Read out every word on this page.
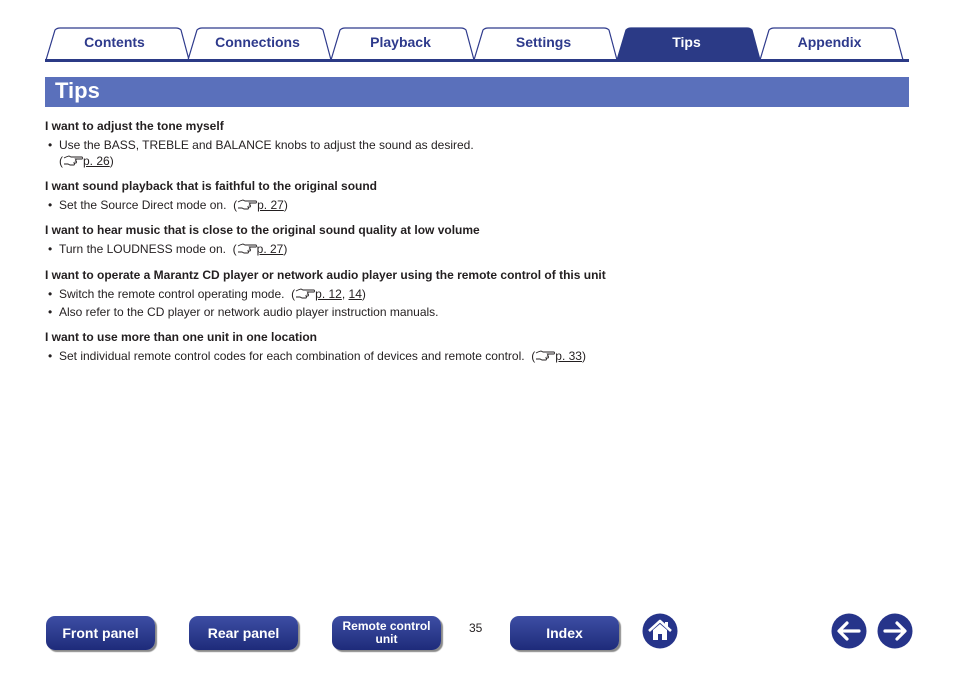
Contents	Connections	Playback	Settings	Tips	Appendix
Tips
I want to adjust the tone myself
• Use the BASS, TREBLE and BALANCE knobs to adjust the sound as desired.
( p. 26)
I want sound playback that is faithful to the original sound
• Set the Source Direct mode on. ( p. 27)
I want to hear music that is close to the original sound quality at low volume
• Turn the LOUDNESS mode on. ( p. 27)
I want to operate a Marantz CD player or network audio player using the remote control of this unit
• Switch the remote control operating mode. ( p. 12, 14)
• Also refer to the CD player or network audio player instruction manuals.
I want to use more than one unit in one location
• Set individual remote control codes for each combination of devices and remote control. ( p. 33)
Front panel	Rear panel	Remote control
unit
35	Index
